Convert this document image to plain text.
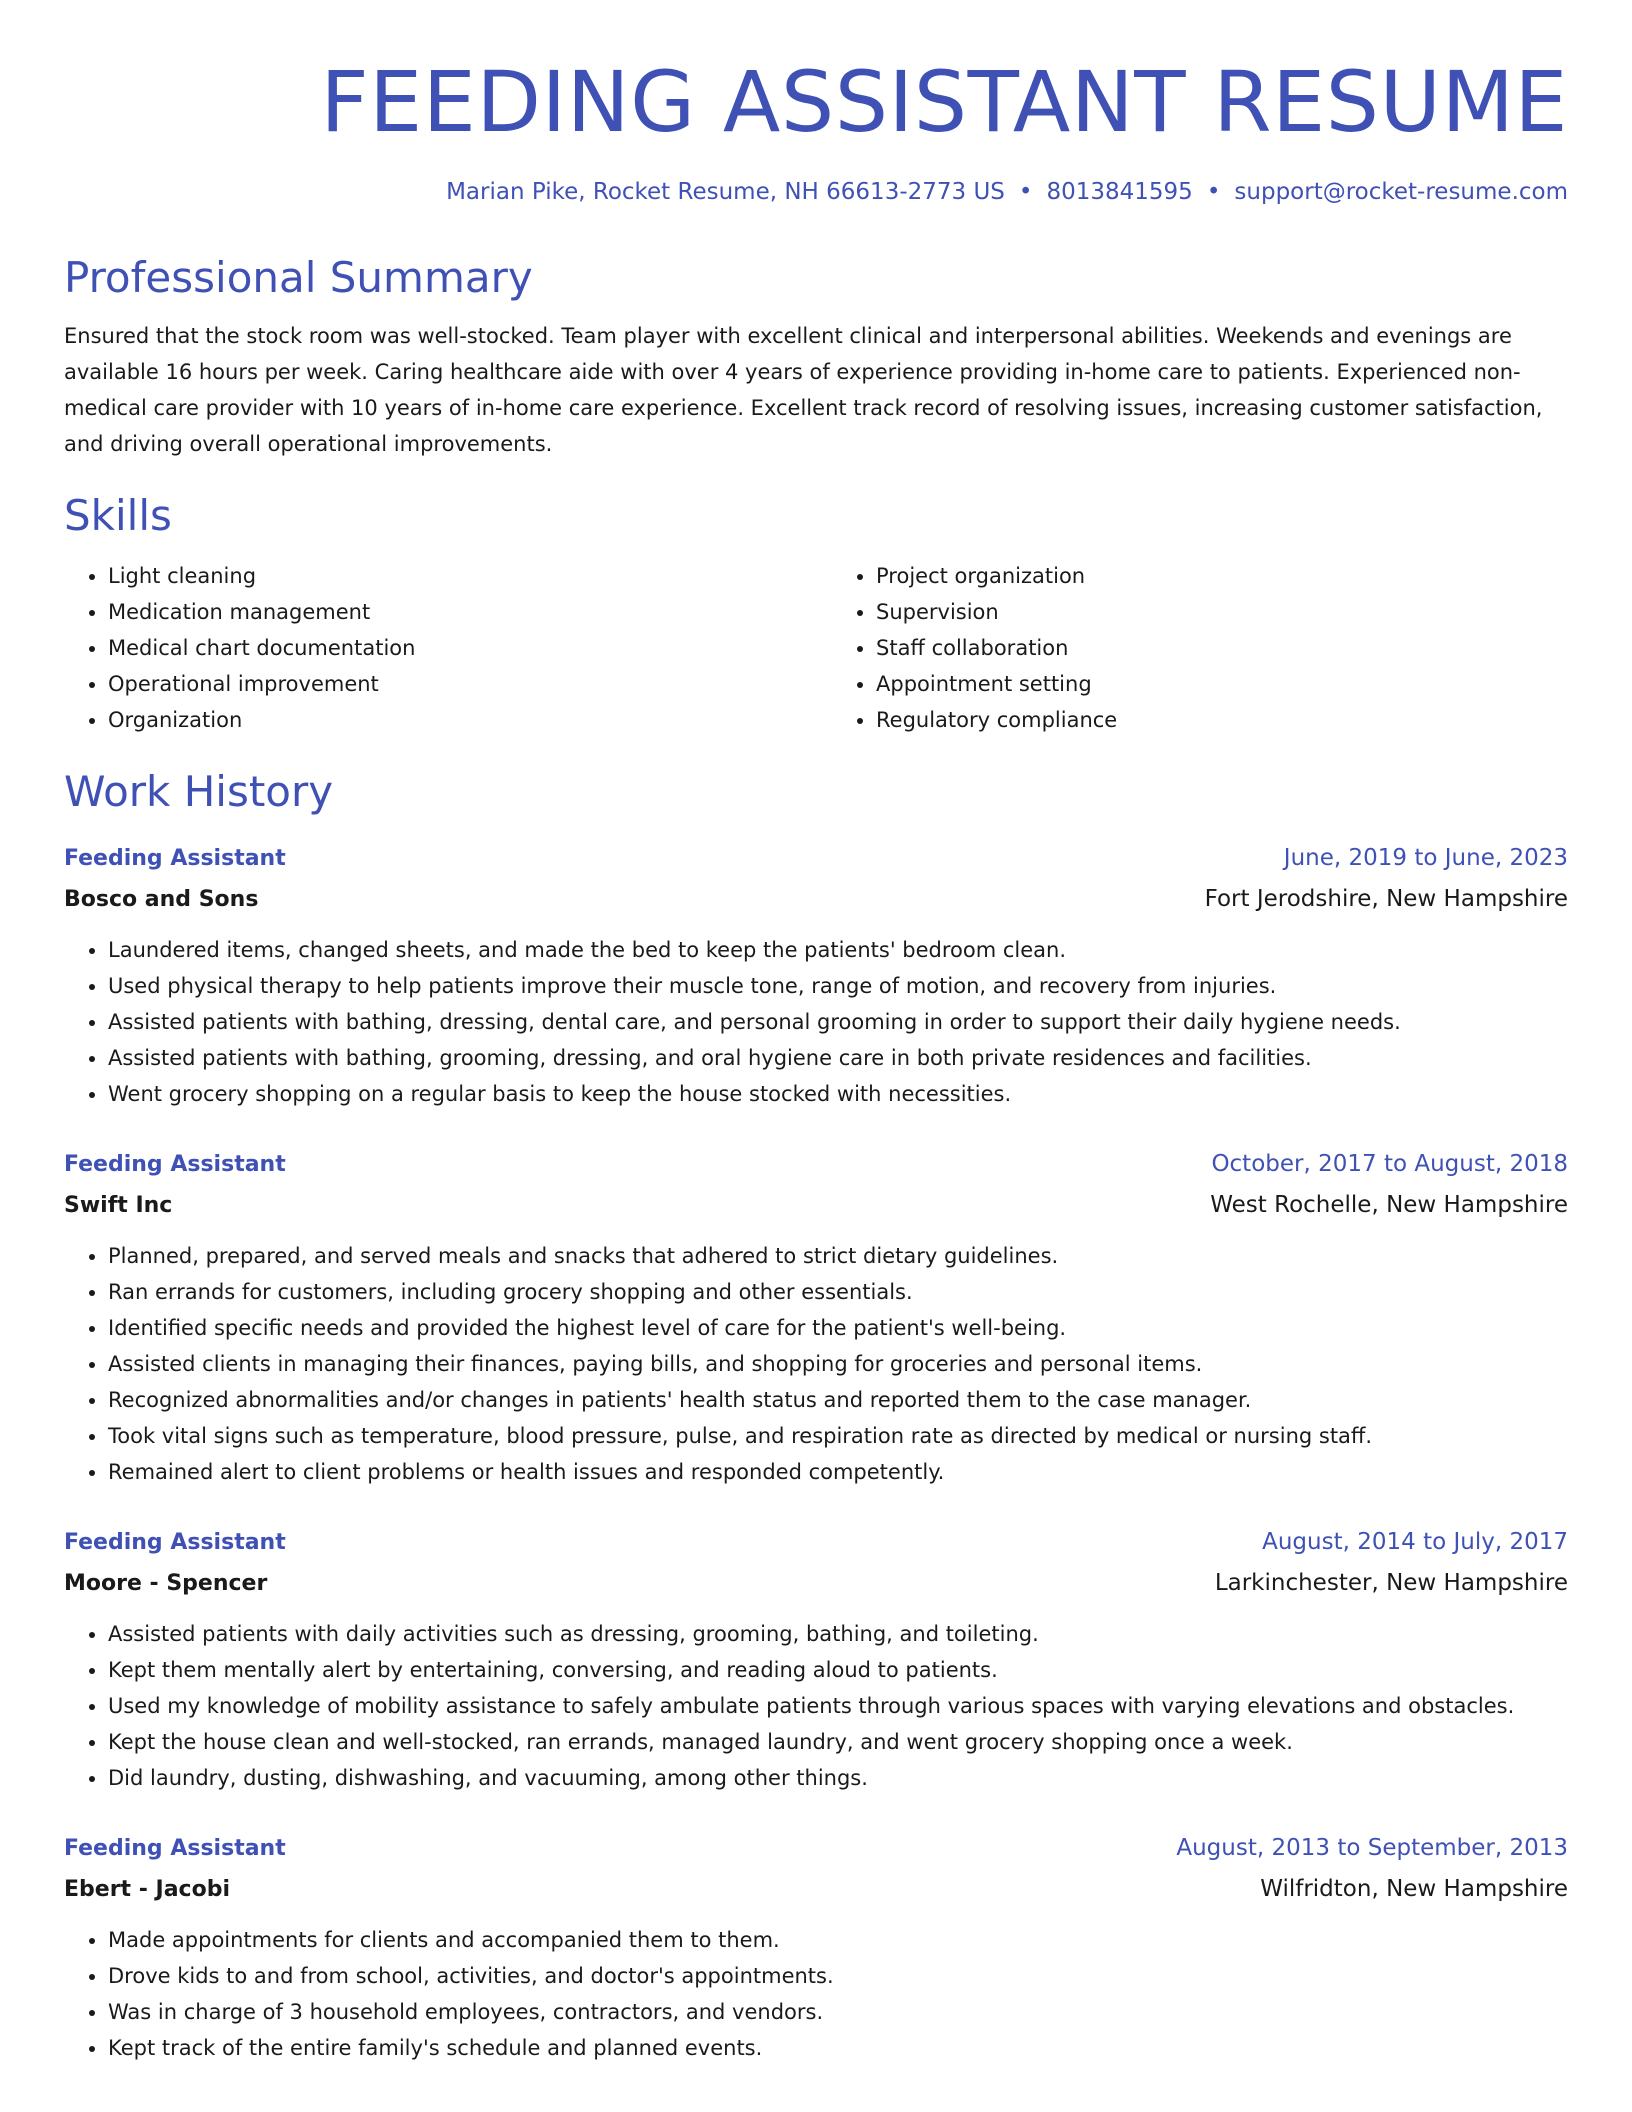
FEEDING ASSISTANT RESUME
Marian Pike, Rocket Resume, NH 66613-2773 US • 8013841595 • support@rocket-resume.com
Professional Summary

Ensured that the stock room was well-stocked. Team player with excellent clinical and interpersonal abilities. Weekends and evenings are available 16 hours per week. Caring healthcare aide with over 4 years of experience providing in-home care to patients. Experienced non-medical care provider with 10 years of in-home care experience. Excellent track record of resolving issues, increasing customer satisfaction, and driving overall operational improvements.

Skills
• Light cleaning
• Medication management
• Medical chart documentation
• Operational improvement
• Organization
• Project organization
• Supervision
• Staff collaboration
• Appointment setting
• Regulatory compliance
Work History
Feeding Assistant	June, 2019 to June, 2023
Bosco and Sons	Fort Jerodshire, New Hampshire
• Laundered items, changed sheets, and made the bed to keep the patients' bedroom clean.
• Used physical therapy to help patients improve their muscle tone, range of motion, and recovery from injuries.
• Assisted patients with bathing, dressing, dental care, and personal grooming in order to support their daily hygiene needs.
• Assisted patients with bathing, grooming, dressing, and oral hygiene care in both private residences and facilities.
• Went grocery shopping on a regular basis to keep the house stocked with necessities.
Feeding Assistant	October, 2017 to August, 2018
Swift Inc	West Rochelle, New Hampshire
• Planned, prepared, and served meals and snacks that adhered to strict dietary guidelines.
• Ran errands for customers, including grocery shopping and other essentials.
• Identified specific needs and provided the highest level of care for the patient's well-being.
• Assisted clients in managing their finances, paying bills, and shopping for groceries and personal items.
• Recognized abnormalities and/or changes in patients' health status and reported them to the case manager.
• Took vital signs such as temperature, blood pressure, pulse, and respiration rate as directed by medical or nursing staff.
• Remained alert to client problems or health issues and responded competently.
Feeding Assistant	August, 2014 to July, 2017
Moore - Spencer	Larkinchester, New Hampshire
• Assisted patients with daily activities such as dressing, grooming, bathing, and toileting.
• Kept them mentally alert by entertaining, conversing, and reading aloud to patients.
• Used my knowledge of mobility assistance to safely ambulate patients through various spaces with varying elevations and obstacles.
• Kept the house clean and well-stocked, ran errands, managed laundry, and went grocery shopping once a week.
• Did laundry, dusting, dishwashing, and vacuuming, among other things.
Feeding Assistant	August, 2013 to September, 2013
Ebert - Jacobi	Wilfridton, New Hampshire
• Made appointments for clients and accompanied them to them.
• Drove kids to and from school, activities, and doctor's appointments.
• Was in charge of 3 household employees, contractors, and vendors.
• Kept track of the entire family's schedule and planned events.
